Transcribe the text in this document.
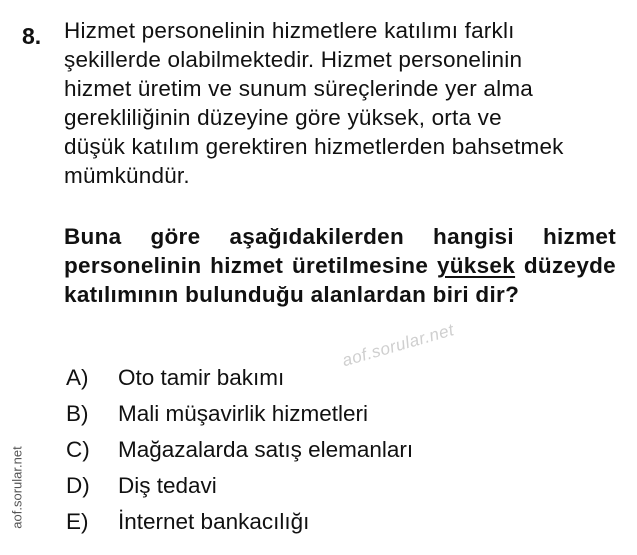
8. Hizmet personelinin hizmetlere katılımı farklı
şekillerde olabilmektedir. Hizmet personelinin
hizmet üretim ve sunum süreçlerinde yer alma
gerekliliğinin düzeyine göre yüksek, orta ve
düşük katılım gerektiren hizmetlerden bahsetmek
mümkündür.
Buna göre aşağıdakilerden hangisi hizmet personelinin hizmet üretilmesine yüksek düzeyde katılımının bulunduğu alanlardan biri dir?
A) Oto tamir bakımı
B) Mali müşavirlik hizmetleri
C) Mağazalarda satış elemanları
D) Diş tedavi
E) İnternet bankacılığı
aof.sorular.net
aof.sorular.net
